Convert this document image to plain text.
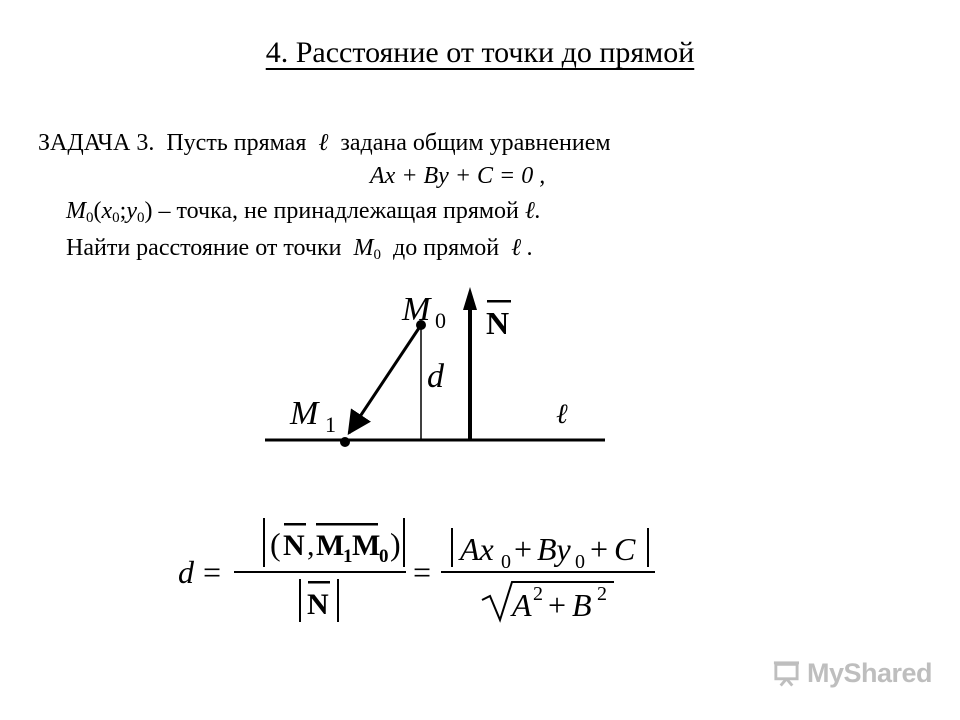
4. Расстояние от точки до прямой
ЗАДАЧА 3. Пусть прямая ℓ задана общим уравнением
Ax + By + C = 0 ,
$M_0(x_0;y_0)$ – точка, не принадлежащая прямой ℓ.
Найти расстояние от точки $M_0$ до прямой ℓ .
M 0
M 1
N
d
ℓ
d =
( N , M
1 M
0 )
N
=
Ax 0 + By 0 + C
A 2 + B 2
MyShared
